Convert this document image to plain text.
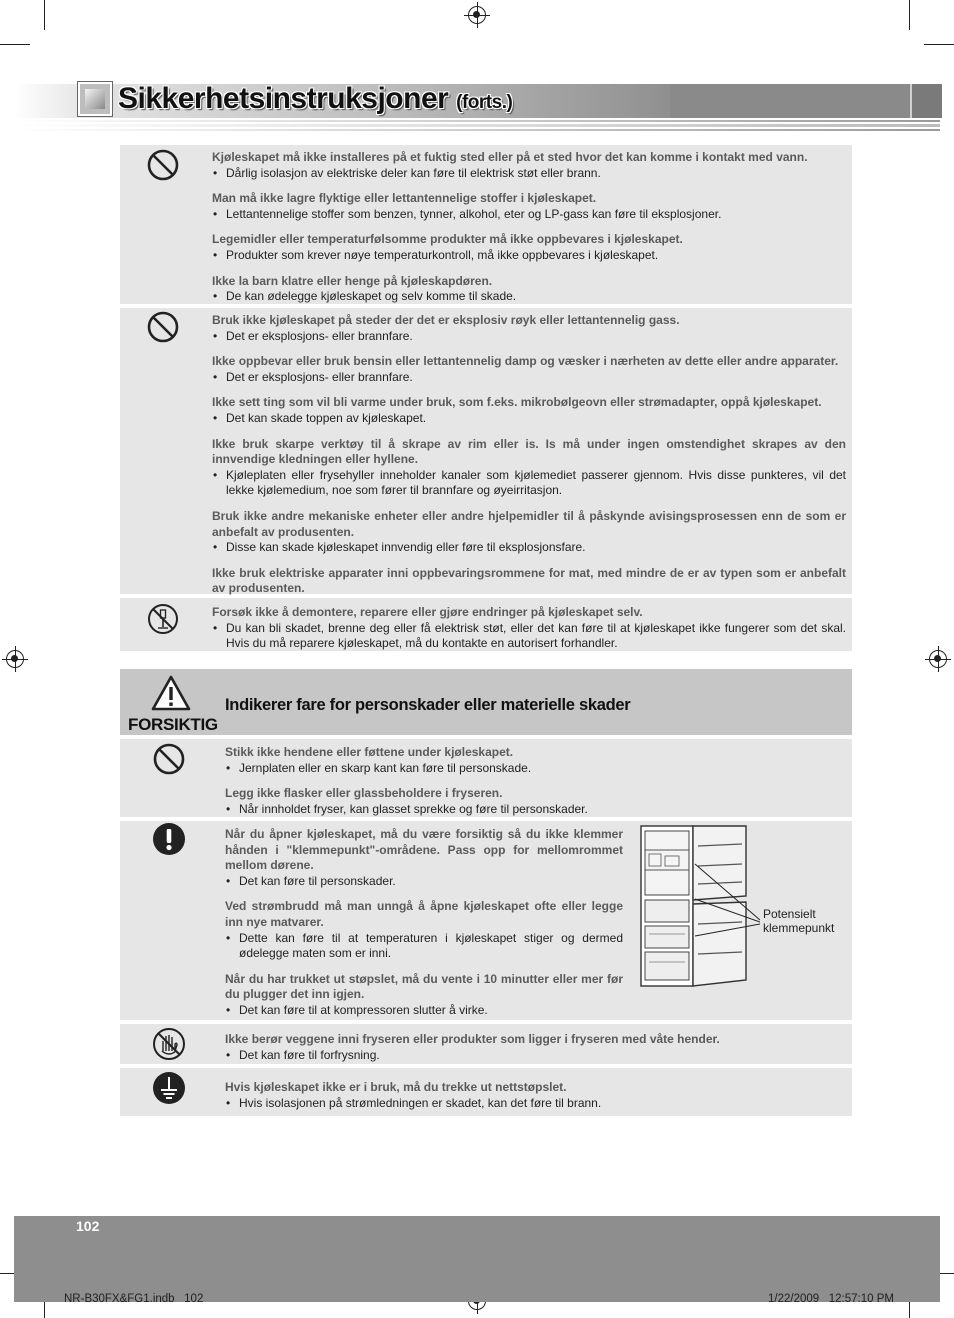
Sikkerhetsinstruksjoner (forts.)
Kjøleskapet må ikke installeres på et fuktig sted eller på et sted hvor det kan komme i kontakt med vann.

• Dårlig isolasjon av elektriske deler kan føre til elektrisk støt eller brann.

Man må ikke lagre flyktige eller lettantennelige stoffer i kjøleskapet.

• Lettantennelige stoffer som benzen, tynner, alkohol, eter og LP-gass kan føre til eksplosjoner.

Legemidler eller temperaturfølsomme produkter må ikke oppbevares i kjøleskapet.

• Produkter som krever nøye temperaturkontroll, må ikke oppbevares i kjøleskapet.

Ikke la barn klatre eller henge på kjøleskapdøren.

• De kan ødelegge kjøleskapet og selv komme til skade.

Bruk ikke kjøleskapet på steder der det er eksplosiv røyk eller lettantennelig gass.

• Det er eksplosjons- eller brannfare.

Ikke oppbevar eller bruk bensin eller lettantennelig damp og væsker i nærheten av dette eller andre apparater.

• Det er eksplosjons- eller brannfare.

Ikke sett ting som vil bli varme under bruk, som f.eks. mikrobølgeovn eller strømadapter, oppå kjøleskapet.

• Det kan skade toppen av kjøleskapet.

Ikke bruk skarpe verktøy til å skrape av rim eller is. Is må under ingen omstendighet skrapes av den innvendige kledningen eller hyllene.

• Kjøleplaten eller frysehyller inneholder kanaler som kjølemediet passerer gjennom. Hvis disse punkteres, vil det lekke kjølemedium, noe som fører til brannfare og øyeirritasjon.

Bruk ikke andre mekaniske enheter eller andre hjelpemidler til å påskynde avisingsprosessen enn de som er anbefalt av produsenten.

• Disse kan skade kjøleskapet innvendig eller føre til eksplosjonsfare.

Ikke bruk elektriske apparater inni oppbevaringsrommene for mat, med mindre de er av typen som er anbefalt av produsenten.
Forsøk ikke å demontere, reparere eller gjøre endringer på kjøleskapet selv.

• Du kan bli skadet, brenne deg eller få elektrisk støt, eller det kan føre til at kjøleskapet ikke fungerer som det skal. Hvis du må reparere kjøleskapet, må du kontakte en autorisert forhandler.

FORSIKTIG
Indikerer fare for personskader eller materielle skader
Stikk ikke hendene eller føttene under kjøleskapet.

• Jernplaten eller en skarp kant kan føre til personskade.

Legg ikke flasker eller glassbeholdere i fryseren.

• Når innholdet fryser, kan glasset sprekke og føre til personskader.

Når du åpner kjøleskapet, må du være forsiktig så du ikke klemmer hånden i "klemmepunkt"-områdene. Pass opp for mellomrommet mellom dørene.

• Det kan føre til personskader.

Ved strømbrudd må man unngå å åpne kjøleskapet ofte eller legge inn nye matvarer.

• Dette kan føre til at temperaturen i kjøleskapet stiger og dermed ødelegge maten som er inni.

Når du har trukket ut støpslet, må du vente i 10 minutter eller mer før du plugger det inn igjen.

• Det kan føre til at kompressoren slutter å virke.

Potensielt klemmepunkt
Ikke berør veggene inni fryseren eller produkter som ligger i fryseren med våte hender.

• Det kan føre til forfrysning.

Hvis kjøleskapet ikke er i bruk, må du trekke ut nettstøpslet.

• Hvis isolasjonen på strømledningen er skadet, kan det føre til brann.

102
NR-B30FX&FG1.indb   102	1/22/2009   12:57:10 PM
